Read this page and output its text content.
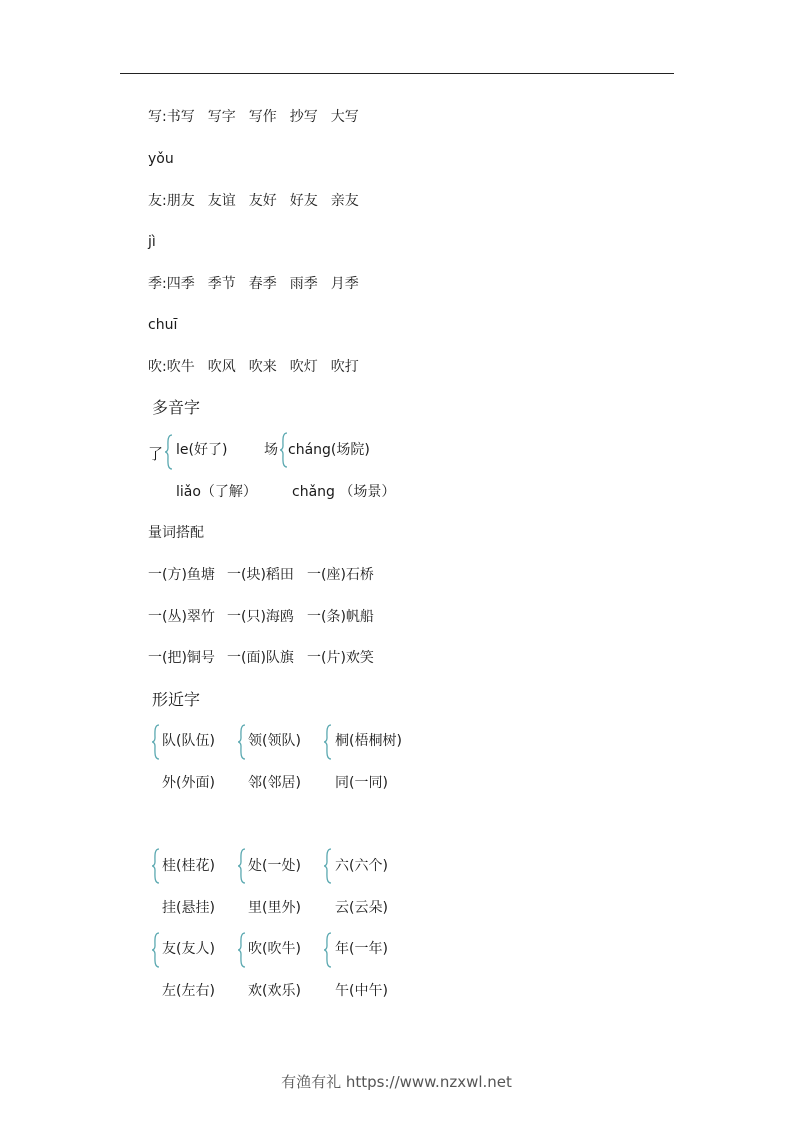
写:书写 写字 写作 抄写 大写
yǒu
友:朋友 友谊 友好 好友 亲友
jì
季:四季 季节 春季 雨季 月季
chuī
吹:吹牛 吹风 吹来 吹灯 吹打
多音字
了 le(好了)
liǎo（了解）
场 cháng(场院)
chǎng （场景）
量词搭配
一(方)鱼塘 一(块)稻田 一(座)石桥
一(丛)翠竹 一(只)海鸥 一(条)帆船
一(把)铜号 一(面)队旗 一(片)欢笑
形近字
队(队伍)
外(外面)
领(领队)
邻(邻居)
桐(梧桐树)
同(一同)
桂(桂花)
挂(悬挂)
处(一处)
里(里外)
六(六个)
云(云朵)
友(友人)
左(左右)
吹(吹牛)
欢(欢乐)
年(一年)
午(中午)
有渔有礼 https://www.nzxwl.net
